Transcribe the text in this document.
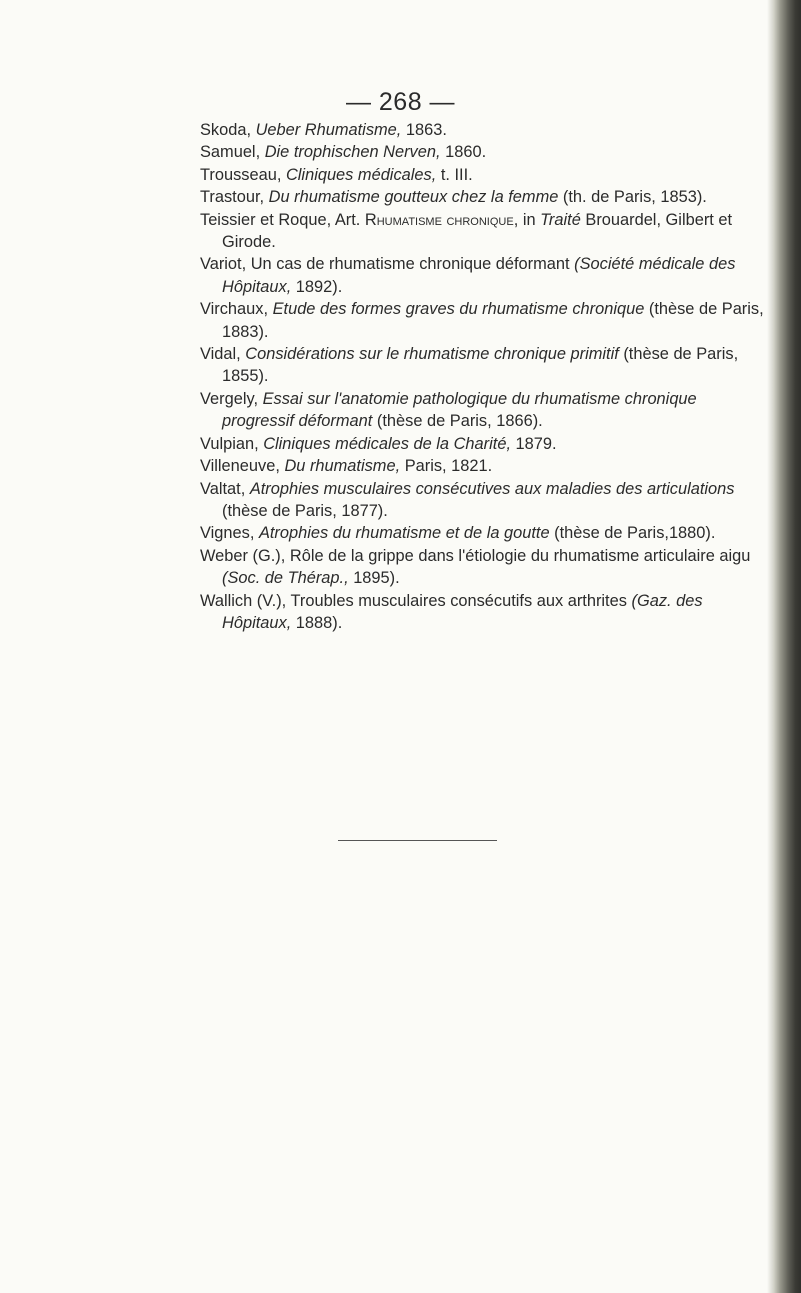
— 268 —
Skoda, Ueber Rhumatisme, 1863.
Samuel, Die trophischen Nerven, 1860.
Trousseau, Cliniques médicales, t. III.
Trastour, Du rhumatisme goutteux chez la femme (th. de Paris, 1853).
Teissier et Roque, Art. Rhumatisme chronique, in Traité Brouardel, Gilbert et Girode.
Variot, Un cas de rhumatisme chronique déformant (Société médicale des Hôpitaux, 1892).
Virchaux, Etude des formes graves du rhumatisme chronique (thèse de Paris, 1883).
Vidal, Considérations sur le rhumatisme chronique primitif (thèse de Paris, 1855).
Vergely, Essai sur l'anatomie pathologique du rhumatisme chronique progressif déformant (thèse de Paris, 1866).
Vulpian, Cliniques médicales de la Charité, 1879.
Villeneuve, Du rhumatisme, Paris, 1821.
Valtat, Atrophies musculaires consécutives aux maladies des articulations (thèse de Paris, 1877).
Vignes, Atrophies du rhumatisme et de la goutte (thèse de Paris,1880).
Weber (G.), Rôle de la grippe dans l'étiologie du rhumatisme articulaire aigu (Soc. de Thérap., 1895).
Wallich (V.), Troubles musculaires consécutifs aux arthrites (Gaz. des Hôpitaux, 1888).
